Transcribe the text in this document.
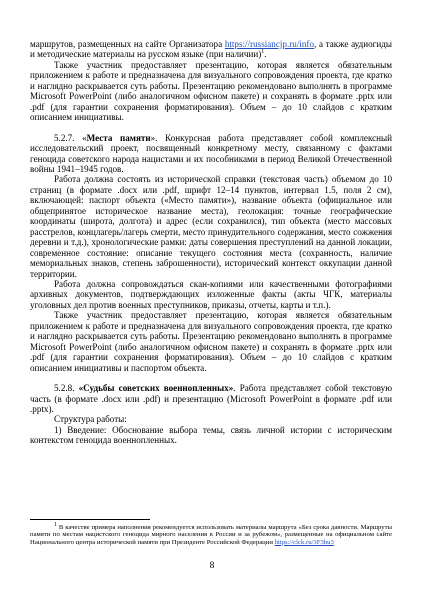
маршрутов, размещенных на сайте Организатора https://russiancjp.ru/info, а также аудиогиды и методические материалы на русском языке (при наличии)$^1$.

Также участник предоставляет презентацию, которая является обязательным приложением к работе и предназначена для визуального сопровождения проекта, где кратко и наглядно раскрывается суть работы. Презентацию рекомендовано выполнять в программе Microsoft PowerPoint (либо аналогичном офисном пакете) и сохранять в формате .pptx или .pdf (для гарантии сохранения форматирования). Объем – до 10 слайдов с кратким описанием инициативы.

5.2.7. «Места памяти». Конкурсная работа представляет собой комплексный исследовательский проект, посвященный конкретному месту, связанному с фактами геноцида советского народа нацистами и их пособниками в период Великой Отечественной войны 1941–1945 годов.

Работа должна состоять из исторической справки (текстовая часть) объемом до 10 страниц (в формате .docx или .pdf, шрифт 12–14 пунктов, интервал 1.5, поля 2 см), включающей: паспорт объекта («Место памяти»), название объекта (официальное или общепринятое историческое название места), геолокация: точные географические координаты (широта, долгота) и адрес (если сохранился), тип объекта (место массовых расстрелов, концлагерь/лагерь смерти, место принудительного содержания, место сожжения деревни и т.д.), хронологические рамки: даты совершения преступлений на данной локации, современное состояние: описание текущего состояния места (сохранность, наличие мемориальных знаков, степень заброшенности), исторический контекст оккупации данной территории.

Работа должна сопровождаться скан-копиями или качественными фотографиями архивных документов, подтверждающих изложенные факты (акты ЧГК, материалы уголовных дел против военных преступников, приказы, отчеты, карты и т.п.).

Также участник предоставляет презентацию, которая является обязательным приложением к работе и предназначена для визуального сопровождения проекта, где кратко и наглядно раскрывается суть работы. Презентацию рекомендовано выполнять в программе Microsoft PowerPoint (либо аналогичном офисном пакете) и сохранять в формате .pptx или .pdf (для гарантии сохранения форматирования). Объем – до 10 слайдов с кратким описанием инициативы и паспортом объекта.

5.2.8. «Судьбы советских военнопленных». Работа представляет собой текстовую часть (в формате .docx или .pdf) и презентацию (Microsoft PowerPoint в формате .pdf или .pptx).

Структура работы:

1) Введение: Обоснование выбора темы, связь личной истории с историческим контекстом геноцида военнопленных.

$^1$ В качестве примера наполнения рекомендуется использовать материалы маршрута «Без срока давности. Маршруты памяти по местам нацистского геноцида мирного населения в России и за рубежом», размещенные на официальном сайте Национального центра исторической памяти при Президенте Российской Федерации https://clck.ru/3F3hu3
8
